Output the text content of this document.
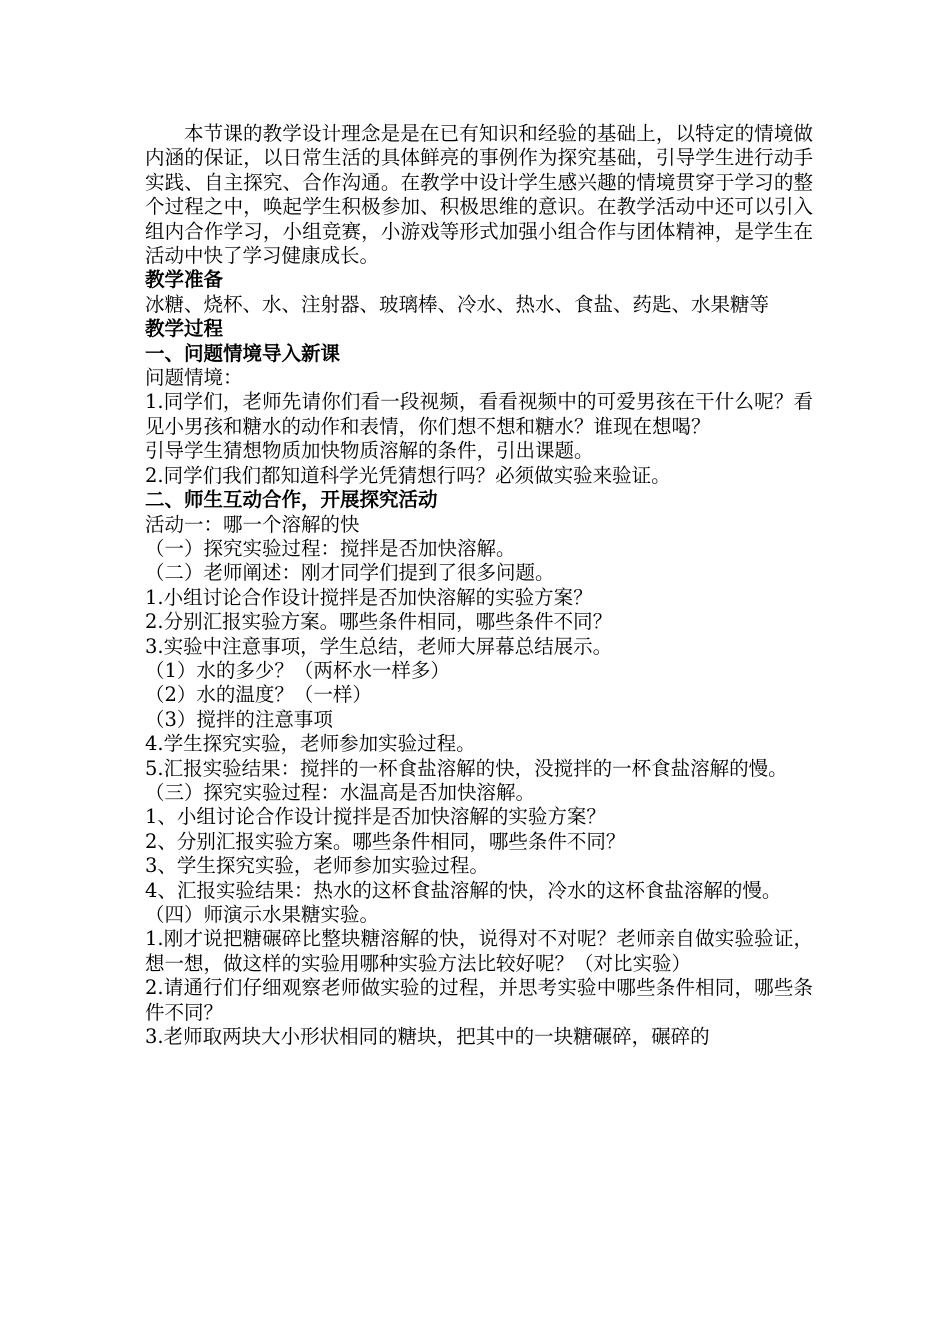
本节课的教学设计理念是是在已有知识和经验的基础上，以特定的情境做内涵的保证，以日常生活的具体鲜亮的事例作为探究基础，引导学生进行动手实践、自主探究、合作沟通。在教学中设计学生感兴趣的情境贯穿于学习的整个过程之中，唤起学生积极参加、积极思维的意识。在教学活动中还可以引入组内合作学习，小组竞赛，小游戏等形式加强小组合作与团体精神，是学生在活动中快了学习健康成长。

教学准备

冰糖、烧杯、水、注射器、玻璃棒、冷水、热水、食盐、药匙、水果糖等

教学过程

一、问题情境导入新课

问题情境：

1.同学们，老师先请你们看一段视频，看看视频中的可爱男孩在干什么呢？看见小男孩和糖水的动作和表情，你们想不想和糖水？谁现在想喝？

引导学生猜想物质加快物质溶解的条件，引出课题。

2.同学们我们都知道科学光凭猜想行吗？必须做实验来验证。

二、师生互动合作，开展探究活动

活动一：哪一个溶解的快

（一）探究实验过程：搅拌是否加快溶解。

（二）老师阐述：刚才同学们提到了很多问题。

1.小组讨论合作设计搅拌是否加快溶解的实验方案？

2.分别汇报实验方案。哪些条件相同，哪些条件不同？

3.实验中注意事项，学生总结，老师大屏幕总结展示。

（1）水的多少？（两杯水一样多）

（2）水的温度？（一样）

（3）搅拌的注意事项

4.学生探究实验，老师参加实验过程。

5.汇报实验结果：搅拌的一杯食盐溶解的快，没搅拌的一杯食盐溶解的慢。

（三）探究实验过程：水温高是否加快溶解。

1、小组讨论合作设计搅拌是否加快溶解的实验方案？

2、分别汇报实验方案。哪些条件相同，哪些条件不同？

3、学生探究实验，老师参加实验过程。

4、汇报实验结果：热水的这杯食盐溶解的快，冷水的这杯食盐溶解的慢。

（四）师演示水果糖实验。

1.刚才说把糖碾碎比整块糖溶解的快，说得对不对呢？老师亲自做实验验证，想一想，做这样的实验用哪种实验方法比较好呢？（对比实验）

2.请通行们仔细观察老师做实验的过程，并思考实验中哪些条件相同，哪些条件不同？

3.老师取两块大小形状相同的糖块，把其中的一块糖碾碎，碾碎的
